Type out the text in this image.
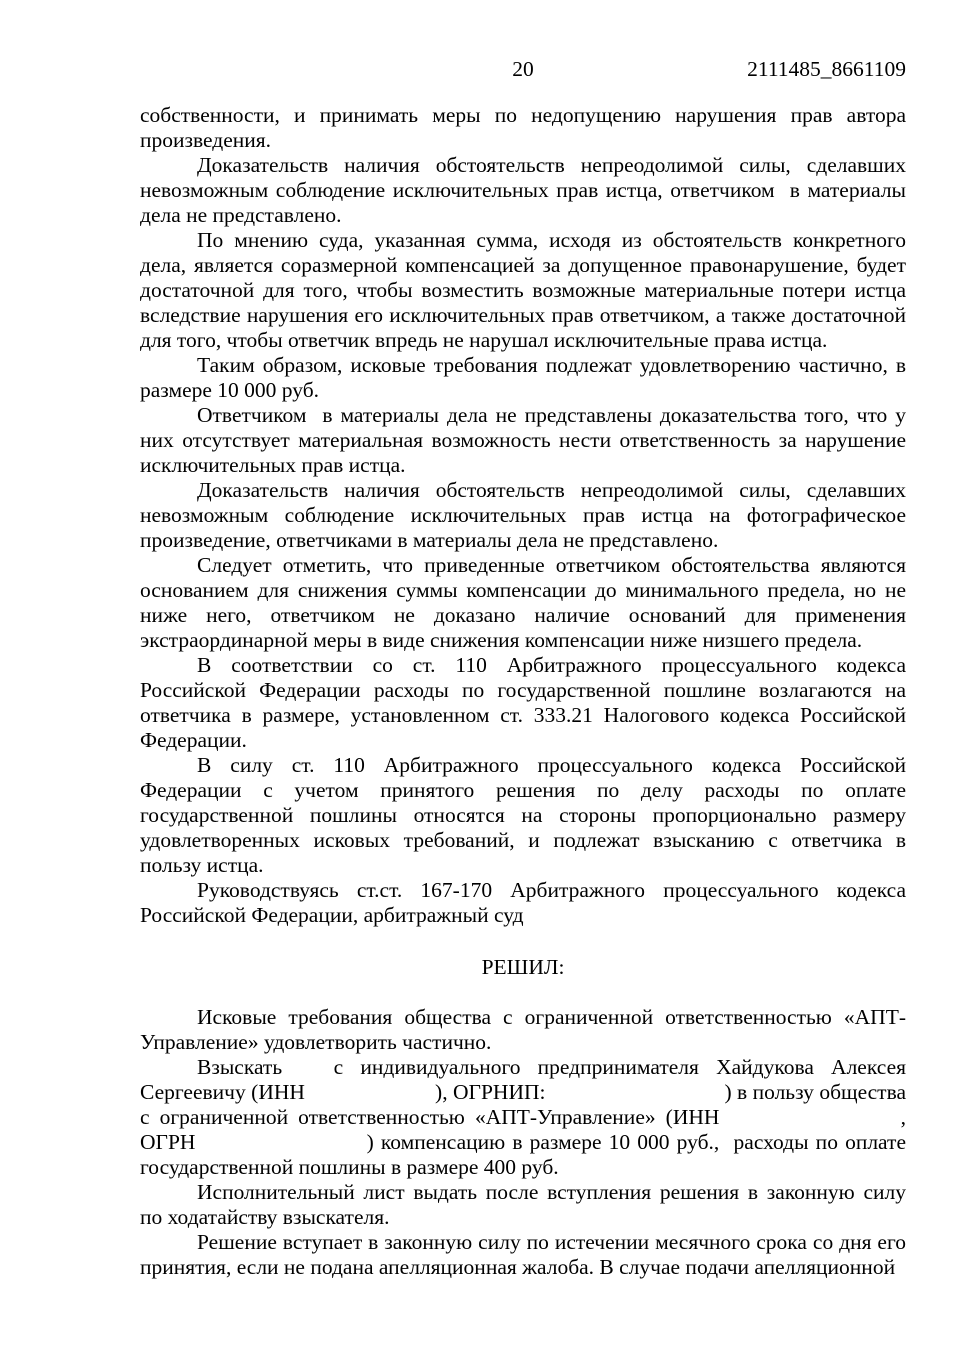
20	2111485_8661109

собственности, и принимать меры по недопущению нарушения прав автора произведения.

Доказательств наличия обстоятельств непреодолимой силы, сделавших невозможным соблюдение исключительных прав истца, ответчиком  в материалы дела не представлено.

По мнению суда, указанная сумма, исходя из обстоятельств конкретного дела, является соразмерной компенсацией за допущенное правонарушение, будет достаточной для того, чтобы возместить возможные материальные потери истца вследствие нарушения его исключительных прав ответчиком, а также достаточной для того, чтобы ответчик впредь не нарушал исключительные права истца.

Таким образом, исковые требования подлежат удовлетворению частично, в размере 10 000 руб.

Ответчиком  в материалы дела не представлены доказательства того, что у них отсутствует материальная возможность нести ответственность за нарушение исключительных прав истца.

Доказательств наличия обстоятельств непреодолимой силы, сделавших невозможным соблюдение исключительных прав истца на фотографическое произведение, ответчиками в материалы дела не представлено.

Следует отметить, что приведенные ответчиком обстоятельства являются основанием для снижения суммы компенсации до минимального предела, но не ниже него, ответчиком не доказано наличие оснований для применения экстраординарной меры в виде снижения компенсации ниже низшего предела.

В соответствии со ст. 110 Арбитражного процессуального кодекса Российской Федерации расходы по государственной пошлине возлагаются на ответчика в размере, установленном ст. 333.21 Налогового кодекса Российской Федерации.

В силу ст. 110 Арбитражного процессуального кодекса Российской Федерации с учетом принятого решения по делу расходы по оплате государственной пошлины относятся на стороны пропорционально размеру удовлетворенных исковых требований, и подлежат взысканию с ответчика в пользу истца.

Руководствуясь ст.ст. 167-170 Арбитражного процессуального кодекса Российской Федерации, арбитражный суд

РЕШИЛ:

Исковые требования общества с ограниченной ответственностью «АПТ-Управление» удовлетворить частично.

Взыскать   с индивидуального предпринимателя Хайдукова Алексея Сергеевичу (ИНН                        ), ОГРНИП:                                 ) в пользу общества с ограниченной ответственностью «АПТ-Управление» (ИНН                  , ОГРН                        ) компенсацию в размере 10 000 руб.,  расходы по оплате государственной пошлины в размере 400 руб.

Исполнительный лист выдать после вступления решения в законную силу по ходатайству взыскателя.

Решение вступает в законную силу по истечении месячного срока со дня его принятия, если не подана апелляционная жалоба. В случае подачи апелляционной
